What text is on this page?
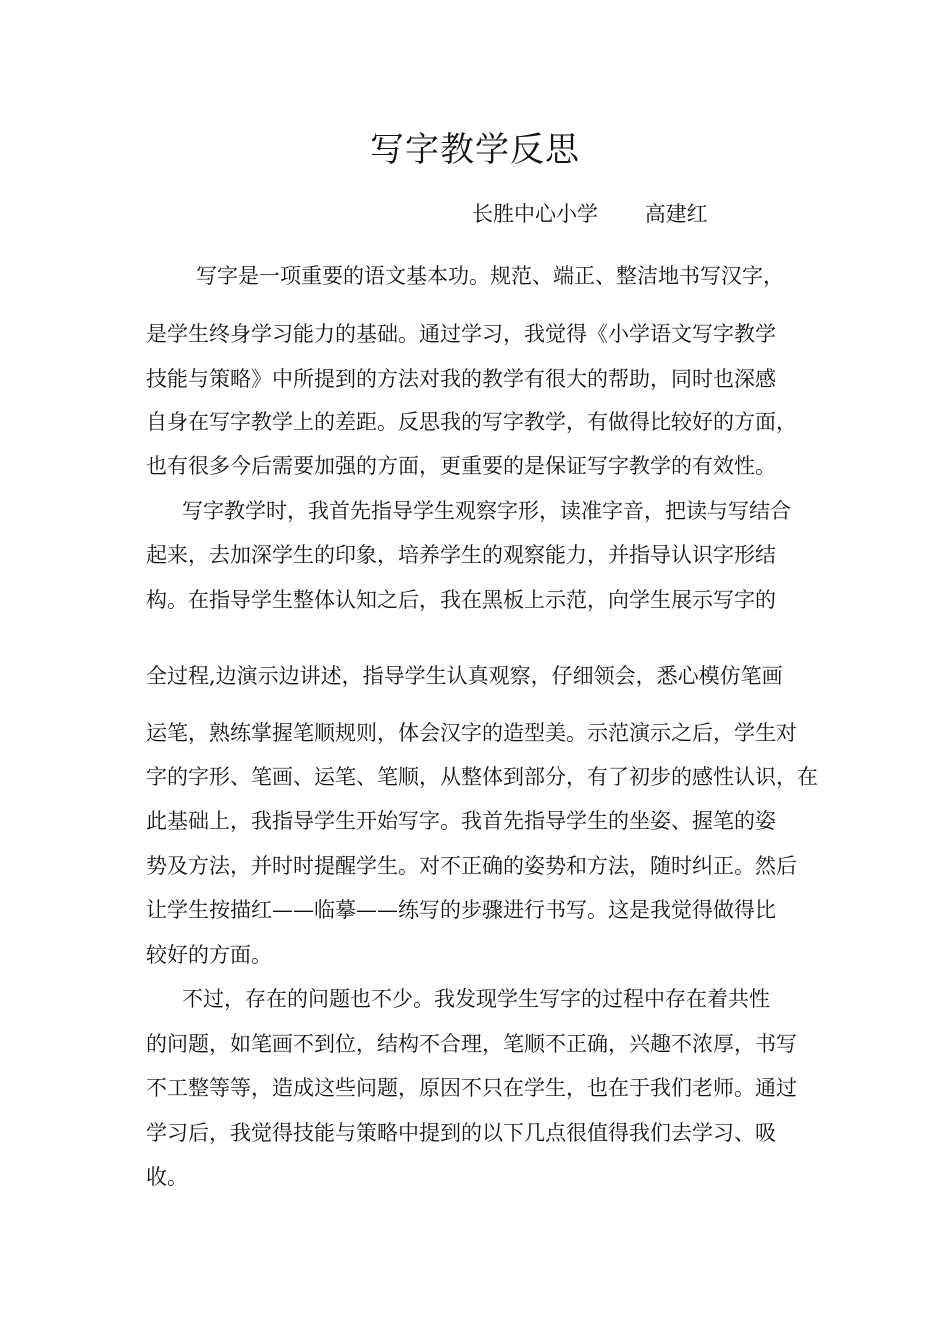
写字教学反思
长胜中心小学 高建红
写字是一项重要的语文基本功。规范、端正、整洁地书写汉字，
是学生终身学习能力的基础。通过学习，我觉得《小学语文写字教学
技能与策略》中所提到的方法对我的教学有很大的帮助，同时也深感
自身在写字教学上的差距。反思我的写字教学，有做得比较好的方面，
也有很多今后需要加强的方面，更重要的是保证写字教学的有效性。
写字教学时，我首先指导学生观察字形，读准字音，把读与写结合
起来，去加深学生的印象，培养学生的观察能力，并指导认识字形结
构。在指导学生整体认知之后，我在黑板上示范，向学生展示写字的
全过程,边演示边讲述，指导学生认真观察，仔细领会，悉心模仿笔画
运笔，熟练掌握笔顺规则，体会汉字的造型美。示范演示之后，学生对
字的字形、笔画、运笔、笔顺，从整体到部分，有了初步的感性认识，在
此基础上，我指导学生开始写字。我首先指导学生的坐姿、握笔的姿
势及方法，并时时提醒学生。对不正确的姿势和方法，随时纠正。然后
让学生按描红——临摹——练写的步骤进行书写。这是我觉得做得比
较好的方面。
不过，存在的问题也不少。我发现学生写字的过程中存在着共性
的问题，如笔画不到位，结构不合理，笔顺不正确，兴趣不浓厚，书写
不工整等等，造成这些问题，原因不只在学生，也在于我们老师。通过
学习后，我觉得技能与策略中提到的以下几点很值得我们去学习、吸
收。
